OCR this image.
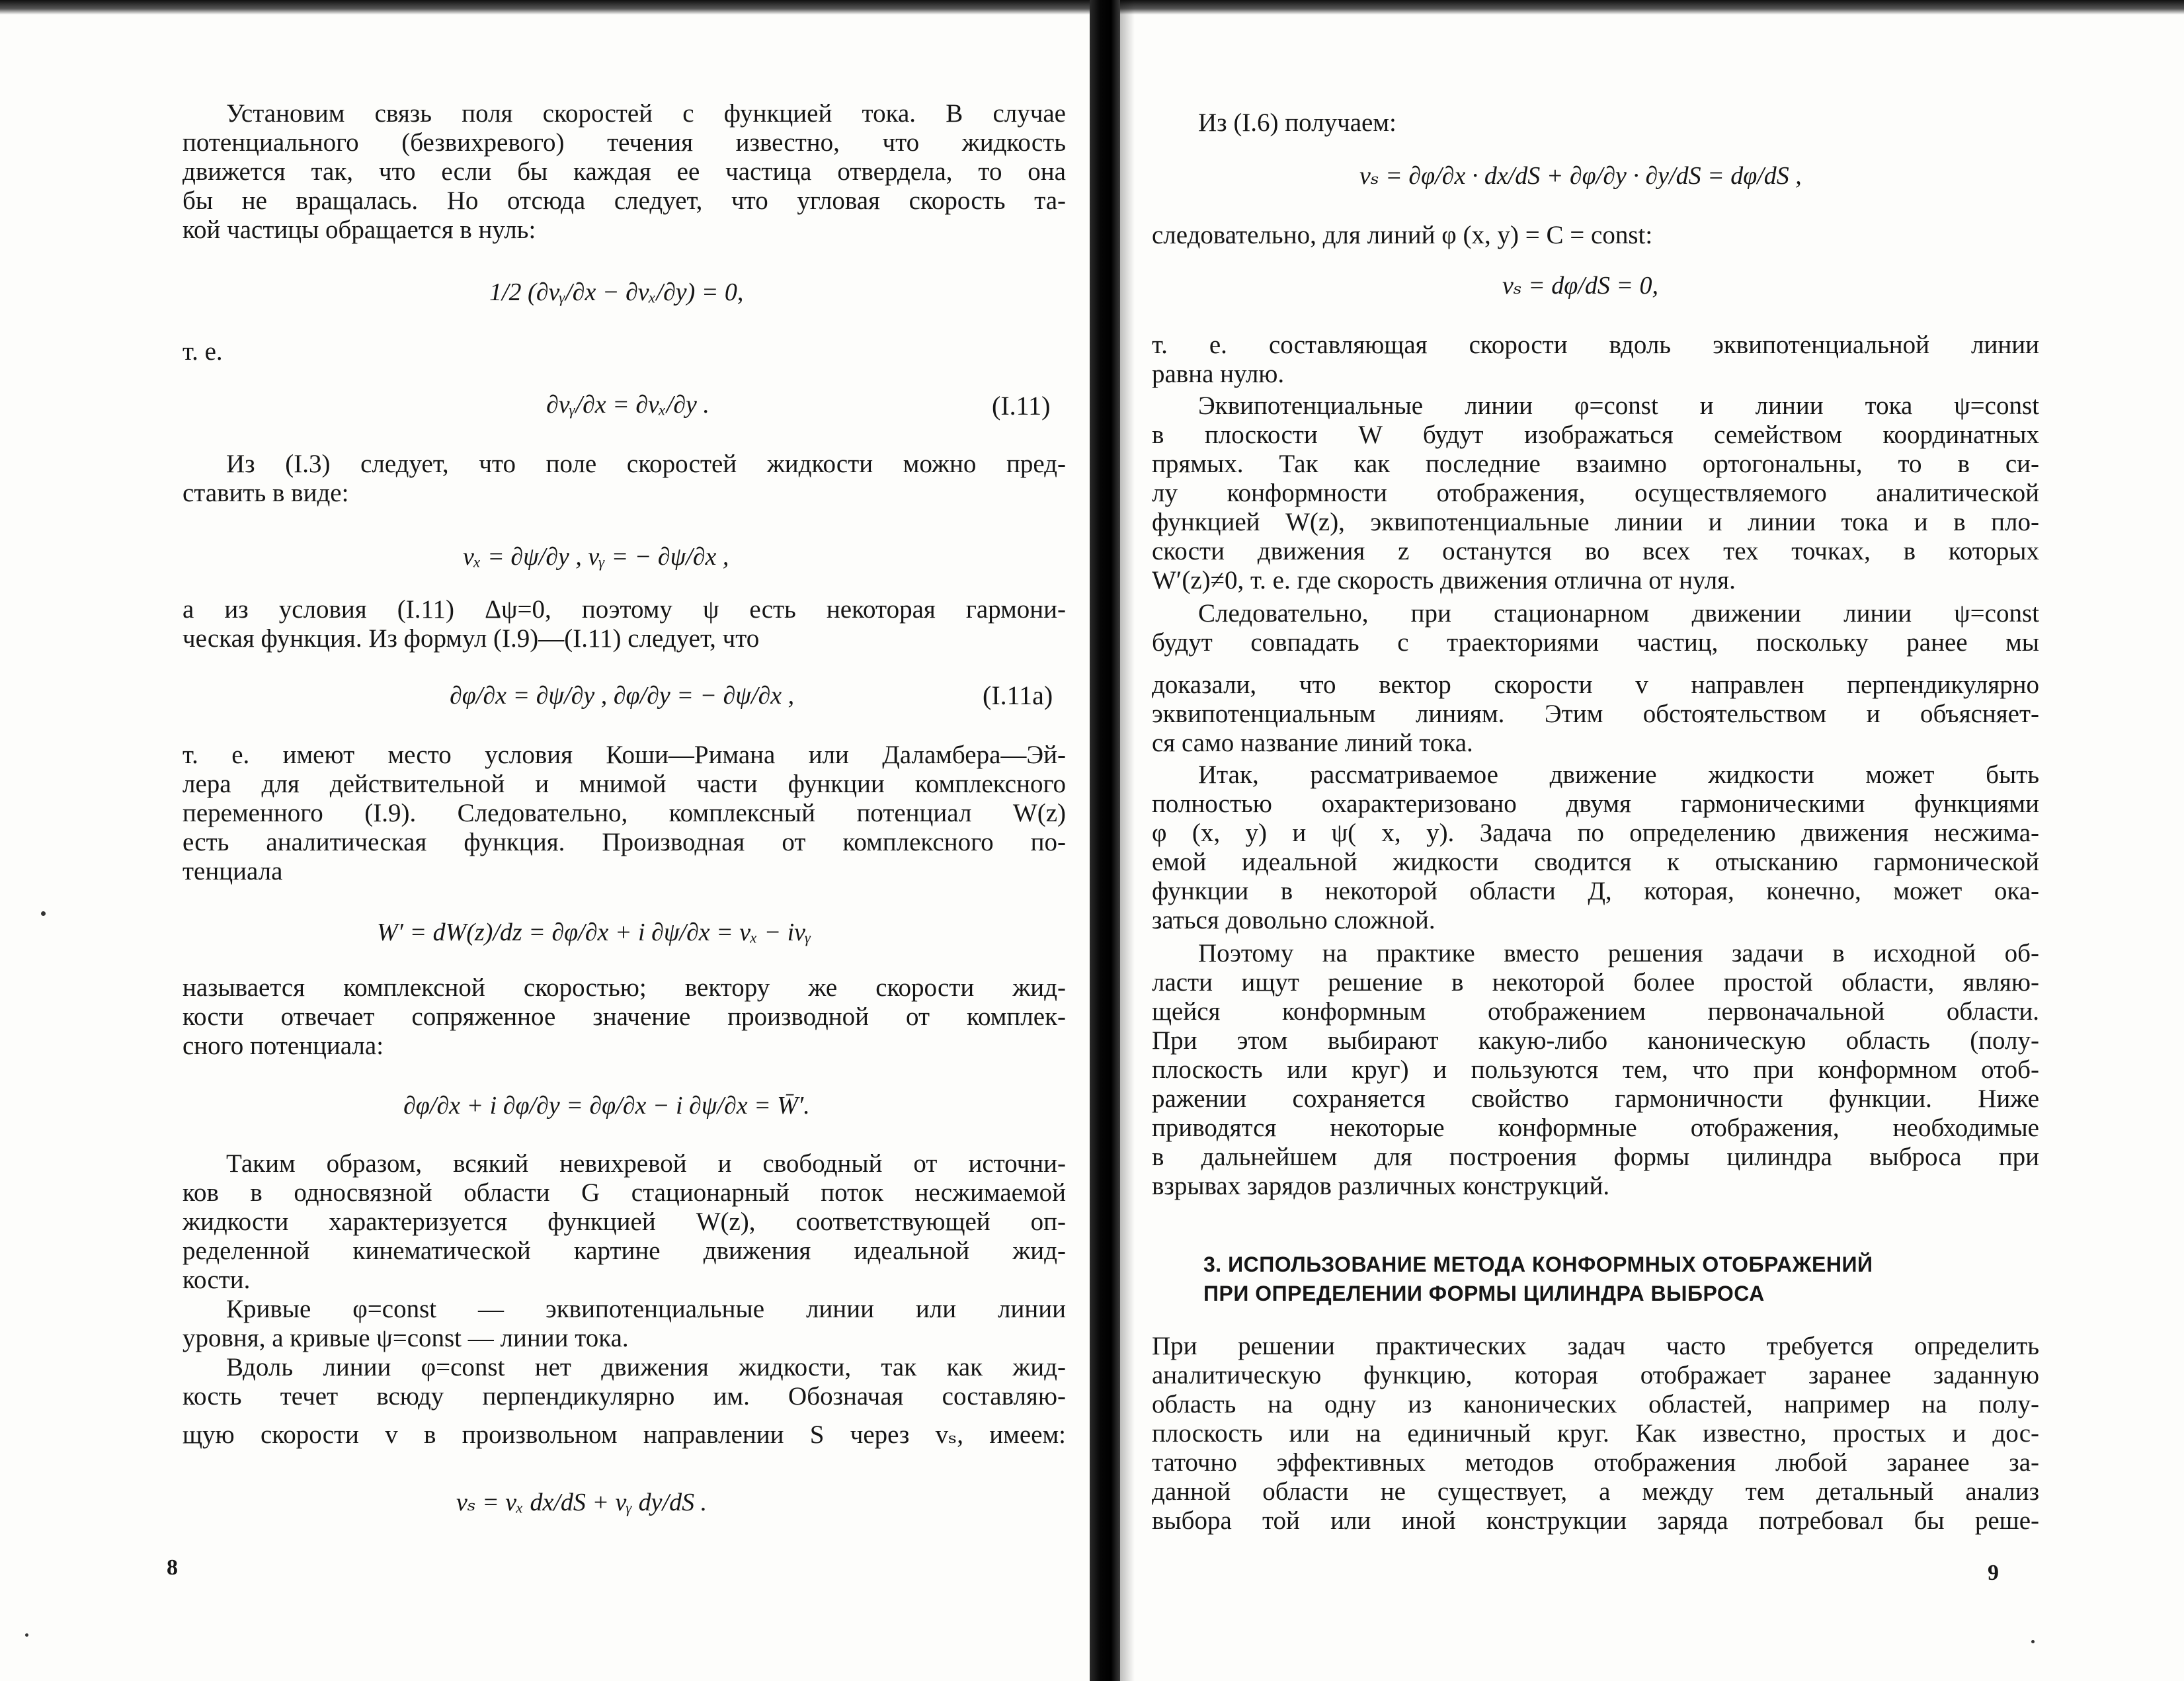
Установим связь поля скоростей с функцией тока. В случае

потенциального (безвихревого) течения известно, что жидкость

движется так, что если бы каждая ее частица отвердела, то она

бы не вращалась. Но отсюда следует, что угловая скорость та-

кой частицы обращается в нуль:

1/2 (∂vᵧ/∂x − ∂vₓ/∂y) = 0,

т. е.

∂vᵧ/∂x = ∂vₓ/∂y .	(I.11)

Из (I.3) следует, что поле скоростей жидкости можно пред-

ставить в виде:

vₓ = ∂ψ/∂y , vᵧ = − ∂ψ/∂x ,

а из условия (I.11) Δψ=0, поэтому ψ есть некоторая гармони-

ческая функция. Из формул (I.9)—(I.11) следует, что

∂φ/∂x = ∂ψ/∂y , ∂φ/∂y = − ∂ψ/∂x ,	(I.11a)

т. е. имеют место условия Коши—Римана или Даламбера—Эй-

лера для действительной и мнимой части функции комплексного

переменного (I.9). Следовательно, комплексный потенциал W(z)

есть аналитическая функция. Производная от комплексного по-

тенциала

W′ = dW(z)/dz = ∂φ/∂x + i ∂ψ/∂x = vₓ − ivᵧ

называется комплексной скоростью; вектору же скорости жид-

кости отвечает сопряженное значение производной от комплек-

сного потенциала:

∂φ/∂x + i ∂φ/∂y = ∂φ/∂x − i ∂ψ/∂x = W̄′.

Таким образом, всякий невихревой и свободный от источни-

ков в односвязной области G стационарный поток несжимаемой

жидкости характеризуется функцией W(z), соответствующей оп-

ределенной кинематической картине движения идеальной жид-

кости.

Кривые φ=const — эквипотенциальные линии или линии

уровня, а кривые ψ=const — линии тока.

Вдоль линии φ=const нет движения жидкости, так как жид-

кость течет всюду перпендикулярно им. Обозначая составляю-

щую скорости v в произвольном направлении S через vₛ, имеем:

vₛ = vₓ dx/dS + vᵧ dy/dS .

8

Из (I.6) получаем:

vₛ = ∂φ/∂x · dx/dS + ∂φ/∂y · ∂y/dS = dφ/dS ,

следовательно, для линий φ (x, y) = C = const:

vₛ = dφ/dS = 0,

т. е. составляющая скорости вдоль эквипотенциальной линии

равна нулю.

Эквипотенциальные линии φ=const и линии тока ψ=const

в плоскости W будут изображаться семейством координатных

прямых. Так как последние взаимно ортогональны, то в си-

лу конформности отображения, осуществляемого аналитической

функцией W(z), эквипотенциальные линии и линии тока и в пло-

скости движения z останутся во всех тех точках, в которых

W′(z)≠0, т. е. где скорость движения отлична от нуля.

Следовательно, при стационарном движении линии ψ=const

будут совпадать с траекториями частиц, поскольку ранее мы

доказали, что вектор скорости v направлен перпендикулярно

эквипотенциальным линиям. Этим обстоятельством и объясняет-

ся само название линий тока.

Итак, рассматриваемое движение жидкости может быть

полностью охарактеризовано двумя гармоническими функциями

φ (x, y) и ψ( x, y). Задача по определению движения несжима-

емой идеальной жидкости сводится к отысканию гармонической

функции в некоторой области Д, которая, конечно, может ока-

заться довольно сложной.

Поэтому на практике вместо решения задачи в исходной об-

ласти ищут решение в некоторой более простой области, являю-

щейся конформным отображением первоначальной области.

При этом выбирают какую-либо каноническую область (полу-

плоскость или круг) и пользуются тем, что при конформном отоб-

ражении сохраняется свойство гармоничности функции. Ниже

приводятся некоторые конформные отображения, необходимые

в дальнейшем для построения формы цилиндра выброса при

взрывах зарядов различных конструкций.

3. ИСПОЛЬЗОВАНИЕ МЕТОДА КОНФОРМНЫХ ОТОБРАЖЕНИЙ

ПРИ ОПРЕДЕЛЕНИИ ФОРМЫ ЦИЛИНДРА ВЫБРОСА

При решении практических задач часто требуется определить

аналитическую функцию, которая отображает заранее заданную

область на одну из канонических областей, например на полу-

плоскость или на единичный круг. Как известно, простых и дос-

таточно эффективных методов отображения любой заранее за-

данной области не существует, а между тем детальный анализ

выбора той или иной конструкции заряда потребовал бы реше-

9
